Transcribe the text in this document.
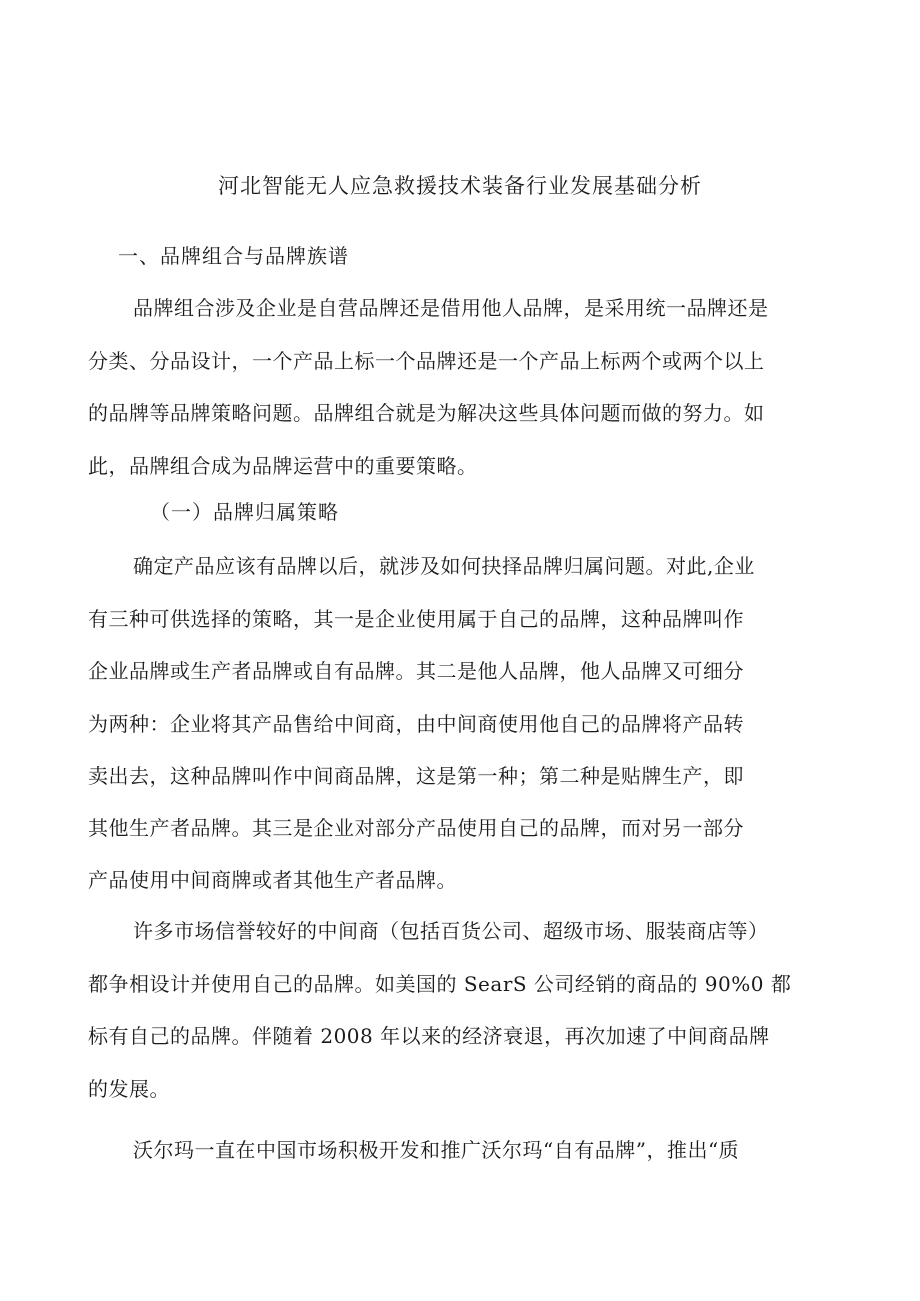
河北智能无人应急救援技术装备行业发展基础分析
一、品牌组合与品牌族谱
品牌组合涉及企业是自营品牌还是借用他人品牌，是采用统一品牌还是
分类、分品设计，一个产品上标一个品牌还是一个产品上标两个或两个以上
的品牌等品牌策略问题。品牌组合就是为解决这些具体问题而做的努力。如
此，品牌组合成为品牌运营中的重要策略。
（一）品牌归属策略
确定产品应该有品牌以后，就涉及如何抉择品牌归属问题。对此,企业
有三种可供选择的策略，其一是企业使用属于自己的品牌，这种品牌叫作
企业品牌或生产者品牌或自有品牌。其二是他人品牌，他人品牌又可细分
为两种：企业将其产品售给中间商，由中间商使用他自己的品牌将产品转
卖出去，这种品牌叫作中间商品牌，这是第一种；第二种是贴牌生产，即
其他生产者品牌。其三是企业对部分产品使用自己的品牌，而对另一部分
产品使用中间商牌或者其他生产者品牌。
许多市场信誉较好的中间商（包括百货公司、超级市场、服装商店等）
都争相设计并使用自己的品牌。如美国的 SearS 公司经销的商品的 90%0 都
标有自己的品牌。伴随着 2008 年以来的经济衰退，再次加速了中间商品牌
的发展。
沃尔玛一直在中国市场积极开发和推广沃尔玛“自有品牌”，推出“质
